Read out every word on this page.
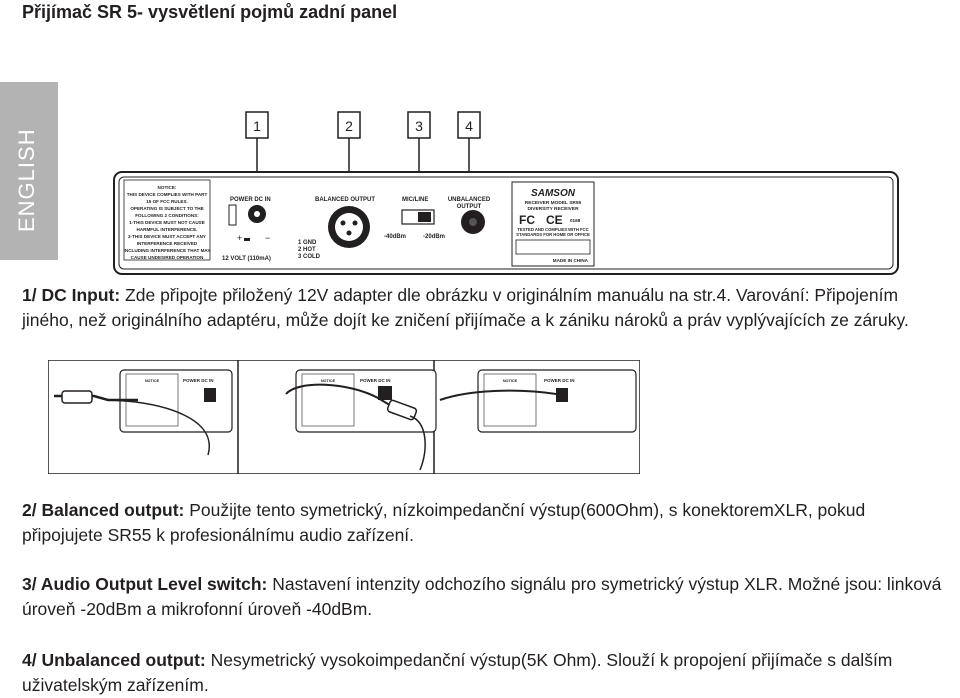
Přijímač SR 5- vysvětlení pojmů zadní panel
ENGLISH
1	2	3	4
NOTICE:
THIS DEVICE COMPLIES WITH PART
15 OF FCC RULES.
OPERATING IS SUBJECT TO THE
FOLLOWING 2 CONDITIONS:
1-THIS DEVICE MUST NOT CAUSE
HARMFUL INTERFERENCE.
2-THIS DEVICE MUST ACCEPT ANY
INTERFERENCE RECEIVED
INCLUDING INTERFERENCE THAT MAY
CAUSE UNDESIRED OPERATION
POWER DC IN
+	−
12 VOLT (110mA)
BALANCED OUTPUT
1 GND
2 HOT
3 COLD
MIC/LINE
-40dBm	-20dBm
UNBALANCED
OUTPUT
SAMSON
RECEIVER MODEL SR55
DIVERSITY RECEIVER
FC CE 0168
TESTED AND COMPLIES WITH FCC
STANDARDS FOR HOME OR OFFICE
MADE IN CHINA

1/ DC Input: Zde připojte přiložený 12V adapter dle obrázku v originálním manuálu na str.4. Varování: Připojením jiného, než originálního adaptéru, může dojít ke zničení přijímače a k zániku nároků a práv vyplývajících ze záruky.

NOTICE	POWER DC IN	NOTICE	POWER DC IN	NOTICE	POWER DC IN

2/ Balanced output: Použijte tento symetrický, nízkoimpedanční výstup(600Ohm), s konektoremXLR, pokud připojujete SR55 k profesionálnímu audio zařízení.

3/ Audio Output Level switch: Nastavení intenzity odchozího signálu pro symetrický výstup XLR. Možné jsou: linková úroveň -20dBm a mikrofonní úroveň -40dBm.

4/ Unbalanced output: Nesymetrický vysokoimpedanční výstup(5K Ohm). Slouží k propojení přijímače s dalším uživatelským zařízením.
